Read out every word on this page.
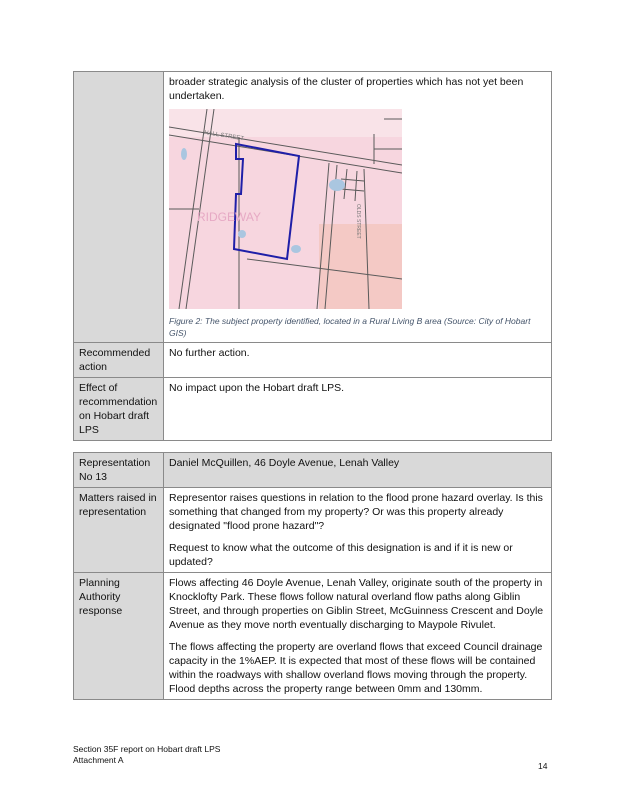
	broader strategic analysis of the cluster of properties which has not yet been undertaken.

HALL STREET
RIDGEWAY OLDS STREET

Figure 2: The subject property identified, located in a Rural Living B area (Source: City of Hobart GIS)

Recommended action	No further action.
Effect of recommendation on Hobart draft LPS	No impact upon the Hobart draft LPS.
Representation No 13	Daniel McQuillen, 46 Doyle Avenue, Lenah Valley
Matters raised in representation	Representor raises questions in relation to the flood prone hazard overlay. Is this something that changed from my property? Or was this property already designated "flood prone hazard"?

Request to know what the outcome of this designation is and if it is new or updated?

Planning Authority response	Flows affecting 46 Doyle Avenue, Lenah Valley, originate south of the property in Knocklofty Park. These flows follow natural overland flow paths along Giblin Street, and through properties on Giblin Street, McGuinness Crescent and Doyle Avenue as they move north eventually discharging to Maypole Rivulet.

The flows affecting the property are overland flows that exceed Council drainage capacity in the 1%AEP. It is expected that most of these flows will be contained within the roadways with shallow overland flows moving through the property. Flood depths across the property range between 0mm and 130mm.

Section 35F report on Hobart draft LPS
Attachment A
14
